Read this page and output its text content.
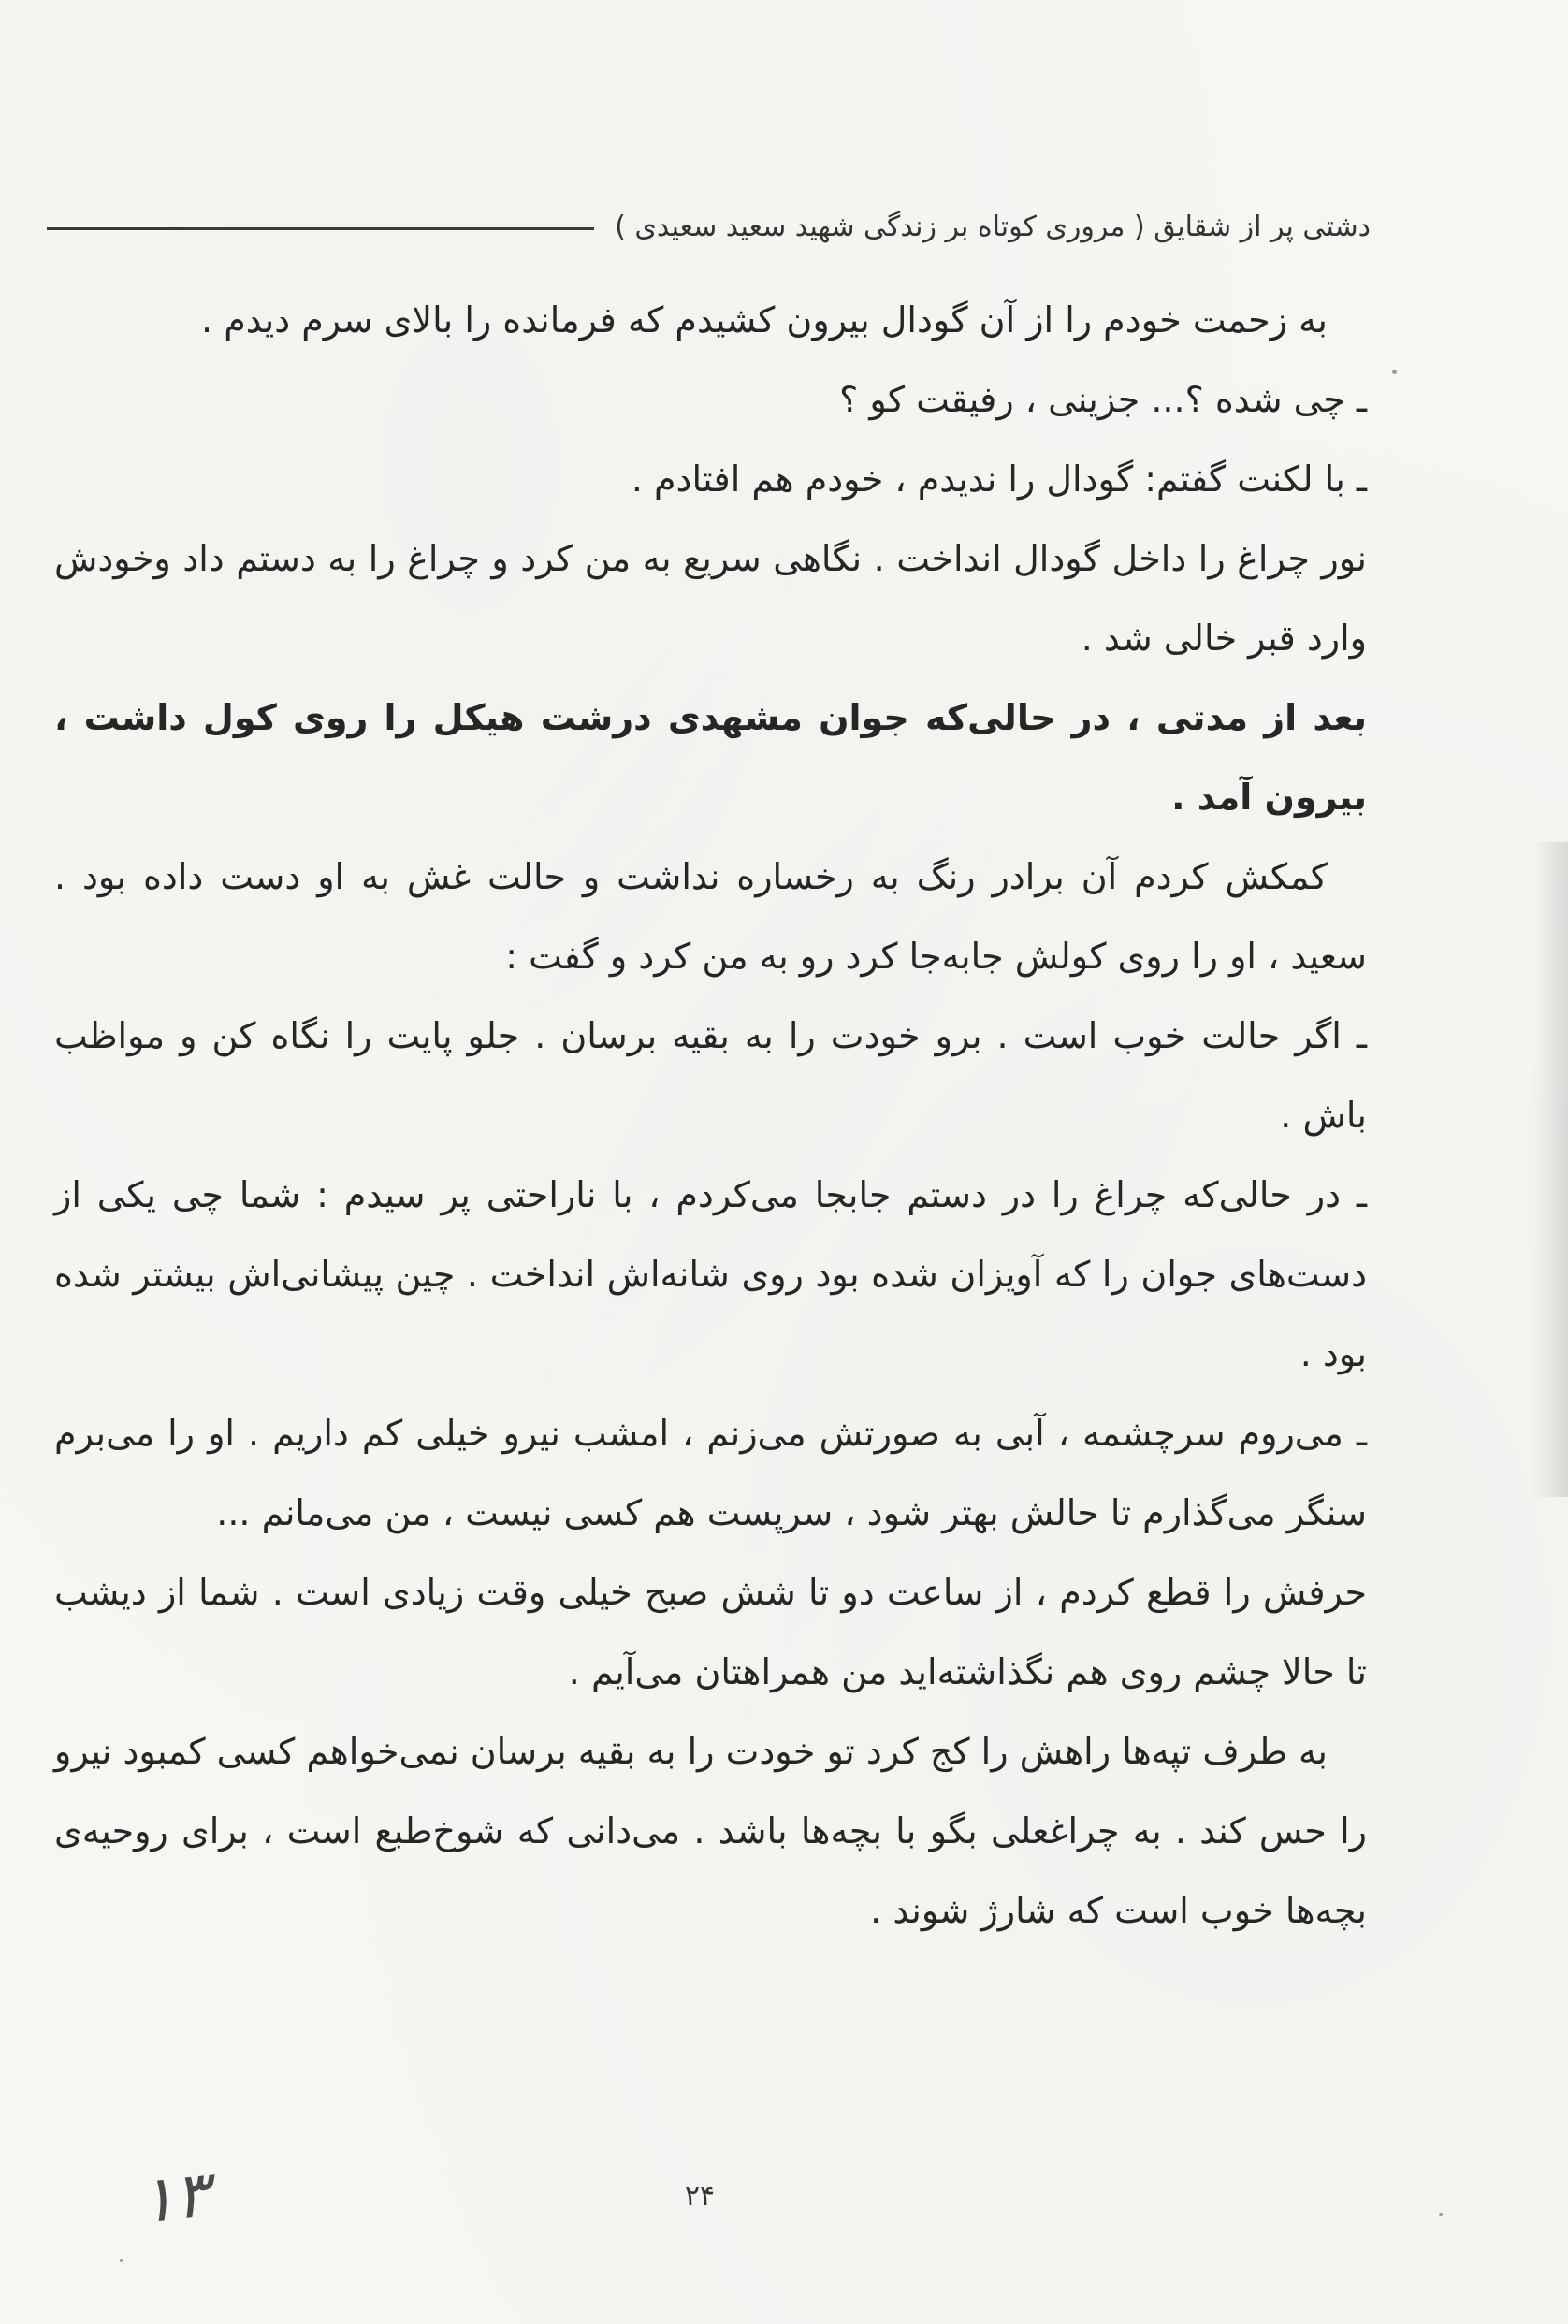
دشتی پر از شقایق ( مروری کوتاه بر زندگی شهید سعید سعیدی )

به زحمت خودم را از آن گودال بیرون کشیدم که فرمانده را بالای سرم دیدم .

ـ چی شده ؟... جزینی ، رفیقت کو ؟

ـ با لکنت گفتم: گودال را ندیدم ، خودم هم افتادم .

نور چراغ را داخل گودال انداخت . نگاهی سریع به من کرد و چراغ را به دستم داد وخودش وارد قبر خالی شد .

بعد از مدتی ، در حالی‌که جوان مشهدی درشت هیکل را روی کول داشت ، بیرون آمد .

کمکش کردم آن برادر رنگ به رخساره نداشت و حالت غش به او دست داده بود . سعید ، او را روی کولش جابه‌جا کرد رو به من کرد و گفت :

ـ اگر حالت خوب است . برو خودت را به بقیه برسان . جلو پایت را نگاه کن و مواظب باش .

ـ در حالی‌که چراغ را در دستم جابجا می‌کردم ، با ناراحتی پر سیدم : شما چی یکی از دست‌های جوان را که آویزان شده بود روی شانه‌اش انداخت . چین پیشانی‌اش بیشتر شده بود .

ـ می‌روم سرچشمه ، آبی به صورتش می‌زنم ، امشب نیرو خیلی کم داریم . او را می‌برم سنگر می‌گذارم تا حالش بهتر شود ، سرپست هم کسی نیست ، من می‌مانم ...

حرفش را قطع کردم ، از ساعت دو تا شش صبح خیلی وقت زیادی است . شما از دیشب تا حالا چشم روی هم نگذاشته‌اید من همراهتان می‌آیم .

به طرف تپه‌ها راهش را کج کرد تو خودت را به بقیه برسان نمی‌خواهم کسی کمبود نیرو را حس کند . به چراغعلی بگو با بچه‌ها باشد . می‌دانی که شوخ‌طبع است ، برای روحیه‌ی بچه‌ها خوب است که شارژ شوند .

۱۳	۲۴
